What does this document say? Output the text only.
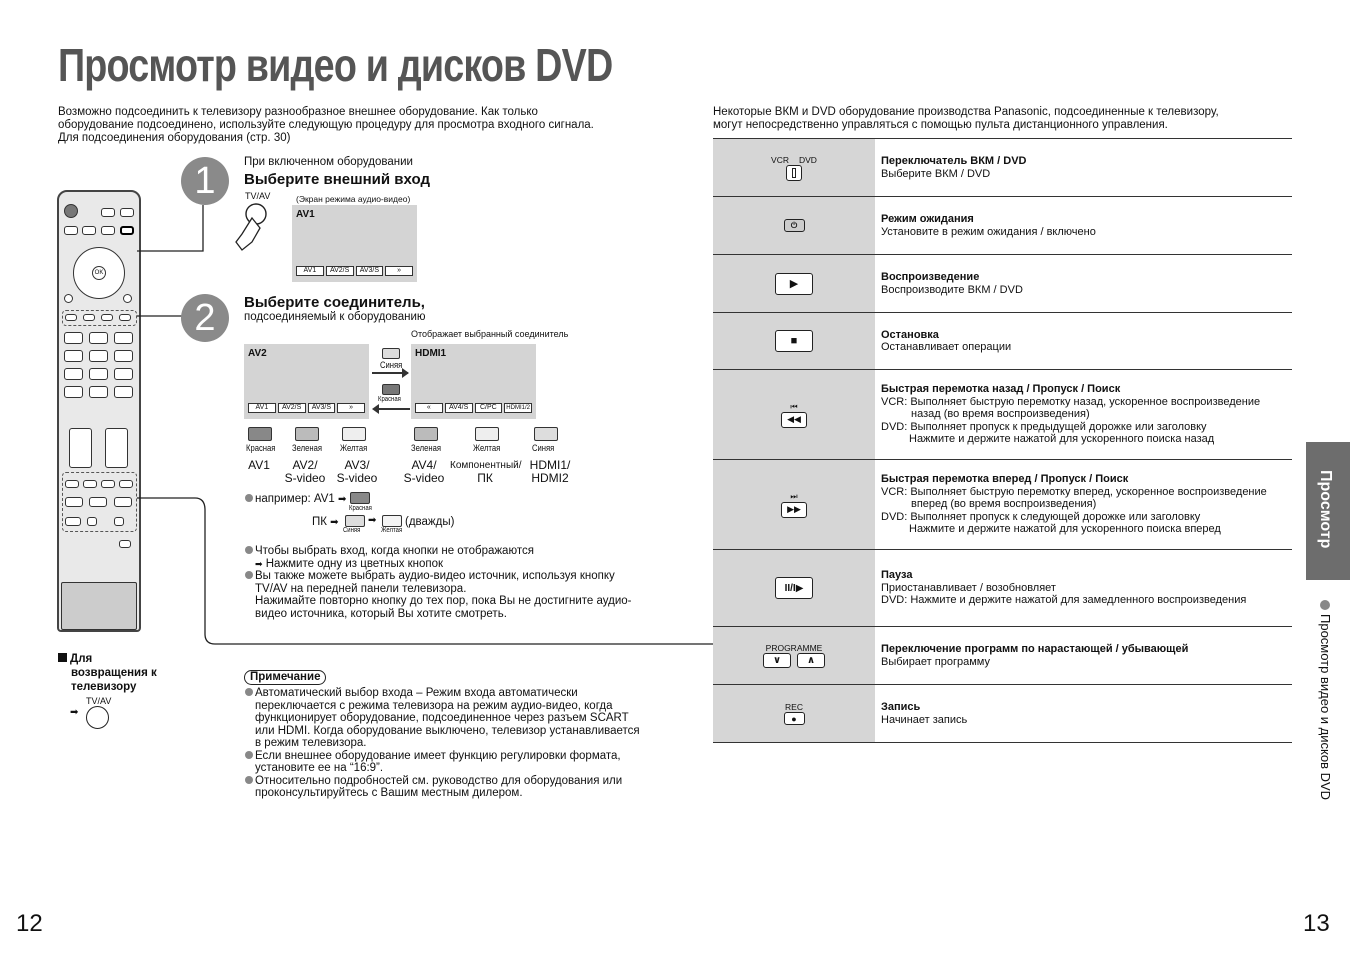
Просмотр видео и дисков DVD
Возможно подсоединить к телевизору разнообразное внешнее оборудование. Как только
оборудование подсоединено, используйте следующую процедуру для просмотра входного сигнала.
Для подсоединения оборудования (стр. 30)
Некоторые ВКМ и DVD оборудование производства Panasonic, подсоединенные к телевизору,
могут непосредственно управляться с помощью пульта дистанционного управления.
OK
1	При включенном оборудовании
Выберите внешний вход
TV/AV	(Экран режима аудио-видео)
AV1
AV1	AV2/S	AV3/S	»
2	Выберите соединитель,
подсоединяемый к оборудованию
Отображает выбранный соединитель
AV2
AV1	AV2/S	AV3/S	»
HDMI1
«	AV4/S	C/PC	HDMI1/2
Синяя
Красная
Красная Зеленая Желтая	Зеленая	Желтая	Синяя
AV1	AV2/
S-video
AV3/
S-video
AV4/
S-video
Компонентный/
ПК
HDMI1/
HDMI2
например: AV1 ➡
Красная
ПК ➡
Синяя
➡
Желтая
(дважды)
Чтобы выбрать вход, когда кнопки не отображаются
➡ Нажмите одну из цветных кнопок
Вы также можете выбрать аудио-видео источник, используя кнопку
TV/AV на передней панели телевизора.
Нажимайте повторно кнопку до тех пор, пока Вы не достигните аудио-
видео источника, который Вы хотите смотреть.
Для
возвращения к
телевизору
TV/AV
➡
Примечание
Автоматический выбор входа – Режим входа автоматически
переключается с режима телевизора на режим аудио-видео, когда
функционирует оборудование, подсоединенное через разъем SCART
или HDMI. Когда оборудование выключено, телевизор устанавливается
в режим телевизора.
Если внешнее оборудование имеет функцию регулировки формата,
установите ее на “16:9”.
Относительно подробностей см. руководство для оборудования или
проконсультируйтесь с Вашим местным дилером.
VCR DVD	Переключатель ВКМ / DVD
Выберите ВКМ / DVD
⏻	Режим ожидания
Установите в режим ожидания / включено
▶
Воспроизведение
Воспроизводите ВКМ / DVD
■
Остановка
Останавливает операции
⏮
◀◀
Быстрая перемотка назад / Пропуск / Поиск
VCR: Выполняет быструю перемотку назад, ускоренное воспроизведение
назад (во время воспроизведения)
DVD: Выполняет пропуск к предыдущей дорожке или заголовку
Нажмите и держите нажатой для ускоренного поиска назад
⏭
▶▶
Быстрая перемотка вперед / Пропуск / Поиск
VCR: Выполняет быструю перемотку вперед, ускоренное воспроизведение
вперед (во время воспроизведения)
DVD: Выполняет пропуск к следующей дорожке или заголовку
Нажмите и держите нажатой для ускоренного поиска вперед
II/I▶
Пауза
Приостанавливает / возобновляет
DVD: Нажмите и держите нажатой для замедленного воспроизведения
PROGRAMME
∨	∧
Переключение программ по нарастающей / убывающей
Выбирает программу
REC
●
Запись
Начинает запись
Просмотр
Просмотр видео и дисков DVD
12	13
